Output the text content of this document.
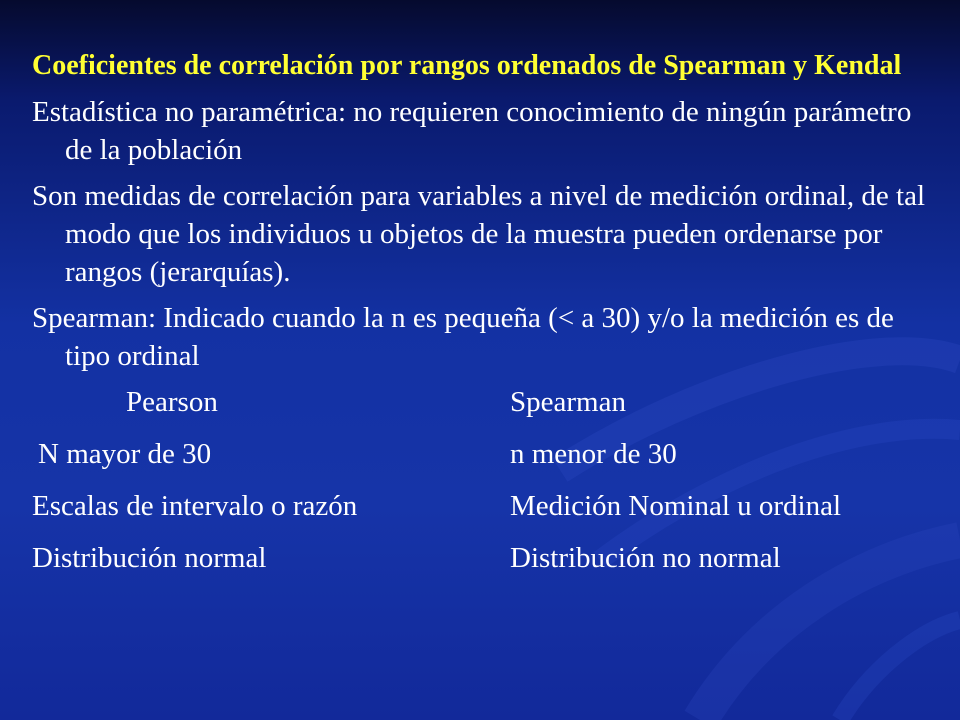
Coeficientes de correlación por rangos ordenados de Spearman y Kendal

Estadística no paramétrica: no requieren conocimiento de ningún parámetro de la población

Son medidas de correlación para variables a nivel de medición ordinal, de tal modo que los individuos u objetos de la muestra pueden ordenarse por rangos (jerarquías).

Spearman: Indicado cuando la n es pequeña (< a 30) y/o la medición es de tipo ordinal

Pearson	Spearman
N mayor de 30	n menor de 30
Escalas de intervalo o razón	Medición Nominal u ordinal
Distribución normal	Distribución no normal
